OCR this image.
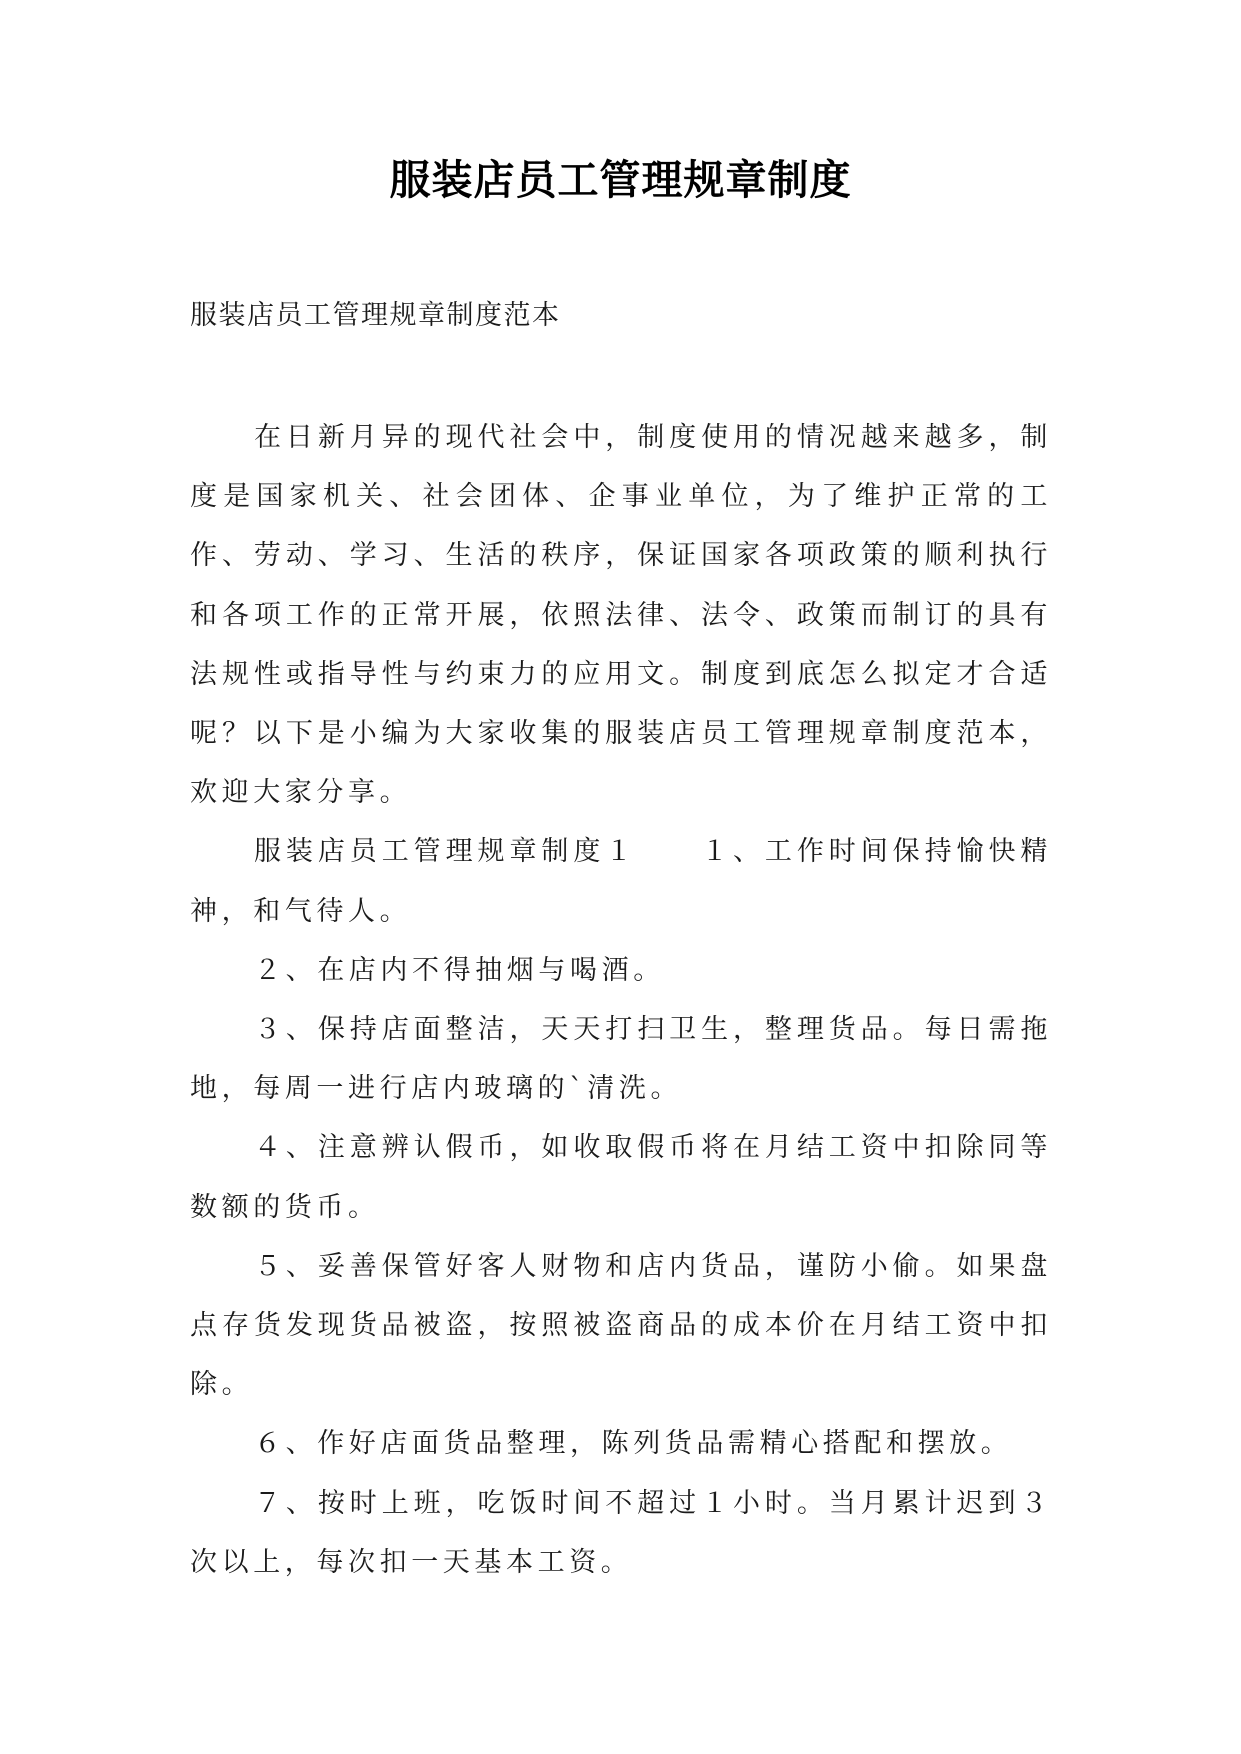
服装店员工管理规章制度

服装店员工管理规章制度范本

在日新月异的现代社会中，制度使用的情况越来越多，制度是国家机关、社会团体、企事业单位，为了维护正常的工作、劳动、学习、生活的秩序，保证国家各项政策的顺利执行和各项工作的正常开展，依照法律、法令、政策而制订的具有法规性或指导性与约束力的应用文。制度到底怎么拟定才合适呢？以下是小编为大家收集的服装店员工管理规章制度范本，欢迎大家分享。

服装店员工管理规章制度１　　１、工作时间保持愉快精神，和气待人。

２、在店内不得抽烟与喝酒。

３、保持店面整洁，天天打扫卫生，整理货品。每日需拖地，每周一进行店内玻璃的`清洗。

４、注意辨认假币，如收取假币将在月结工资中扣除同等数额的货币。

５、妥善保管好客人财物和店内货品，谨防小偷。如果盘点存货发现货品被盗，按照被盗商品的成本价在月结工资中扣除。

６、作好店面货品整理，陈列货品需精心搭配和摆放。

７、按时上班，吃饭时间不超过１小时。当月累计迟到３次以上，每次扣一天基本工资。
